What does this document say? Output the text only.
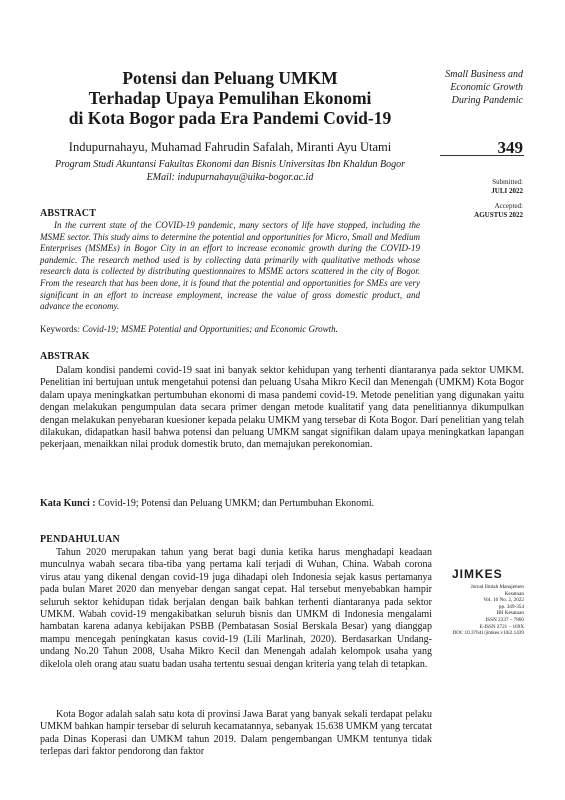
Potensi dan Peluang UMKM
Terhadap Upaya Pemulihan Ekonomi
di Kota Bogor pada Era Pandemi Covid-19
Small Business and
Economic Growth
During Pandemic
Indupurnahayu, Muhamad Fahrudin Safalah, Miranti Ayu Utami
Program Studi Akuntansi Fakultas Ekonomi dan Bisnis Universitas Ibn Khaldun Bogor
EMail: indupurnahayu@uika-bogor.ac.id
349
Submitted:
JULI 2022
Accepted:
AGUSTUS 2022
ABSTRACT
In the current state of the COVID-19 pandemic, many sectors of life have stopped, including the MSME sector. This study aims to determine the potential and opportunities for Micro, Small and Medium Enterprises (MSMEs) in Bogor City in an effort to increase economic growth during the COVID-19 pandemic. The research method used is by collecting data primarily with qualitative methods whose research data is collected by distributing questionnaires to MSME actors scattered in the city of Bogor. From the research that has been done, it is found that the potential and opportunities for SMEs are very significant in an effort to increase employment, increase the value of gross domestic product, and advance the economy.
Keywords: Covid-19; MSME Potential and Opportunities; and Economic Growth.
ABSTRAK
Dalam kondisi pandemi covid-19 saat ini banyak sektor kehidupan yang terhenti diantaranya pada sektor UMKM. Penelitian ini bertujuan untuk mengetahui potensi dan peluang Usaha Mikro Kecil dan Menengah (UMKM) Kota Bogor dalam upaya meningkatkan pertumbuhan ekonomi di masa pandemi covid-19. Metode penelitian yang digunakan yaitu dengan melakukan pengumpulan data secara primer dengan metode kualitatif yang data penelitiannya dikumpulkan dengan melakukan penyebaran kuesioner kepada pelaku UMKM yang tersebar di Kota Bogor. Dari penelitian yang telah dilakukan, didapatkan hasil bahwa potensi dan peluang UMKM sangat signifikan dalam upaya meningkatkan lapangan pekerjaan, menaikkan nilai produk domestik bruto, dan memajukan perekonomian.
Kata Kunci : Covid-19; Potensi dan Peluang UMKM; dan Pertumbuhan Ekonomi.
PENDAHULUAN
Tahun 2020 merupakan tahun yang berat bagi dunia ketika harus menghadapi keadaan munculnya wabah secara tiba-tiba yang pertama kali terjadi di Wuhan, China. Wabah corona virus atau yang dikenal dengan covid-19 juga dihadapi oleh Indonesia sejak kasus pertamanya pada bulan Maret 2020 dan menyebar dengan sangat cepat. Hal tersebut menyebabkan hampir seluruh sektor kehidupan tidak berjalan dengan baik bahkan terhenti diantaranya pada sektor UMKM. Wabah covid-19 mengakibatkan seluruh bisnis dan UMKM di Indonesia mengalami hambatan karena adanya kebijakan PSBB (Pembatasan Sosial Berskala Besar) yang dianggap mampu mencegah peningkatan kasus covid-19 (Lili Marlinah, 2020). Berdasarkan Undang-undang No.20 Tahun 2008, Usaha Mikro Kecil dan Menengah adalah kelompok usaha yang dikelola oleh orang atau suatu badan usaha tertentu sesuai dengan kriteria yang telah di tetapkan.
Kota Bogor adalah salah satu kota di provinsi Jawa Barat yang banyak sekali terdapat pelaku UMKM bahkan hampir tersebar di seluruh kecamatannya, sebanyak 15.638 UMKM yang tercatat pada Dinas Koperasi dan UMKM tahun 2019. Dalam pengembangan UMKM tentunya tidak terlepas dari faktor pendorong dan faktor
JIMKES
Jurnal Ilmiah Manajemen
Kesatuan
Vol. 10 No. 2, 2022
pp. 349-354
IBI Kesatuan
ISSN 2337 – 7860
E-ISSN 2721 – 169X
DOI: 10.37641/jimkes.v10i2.1439
